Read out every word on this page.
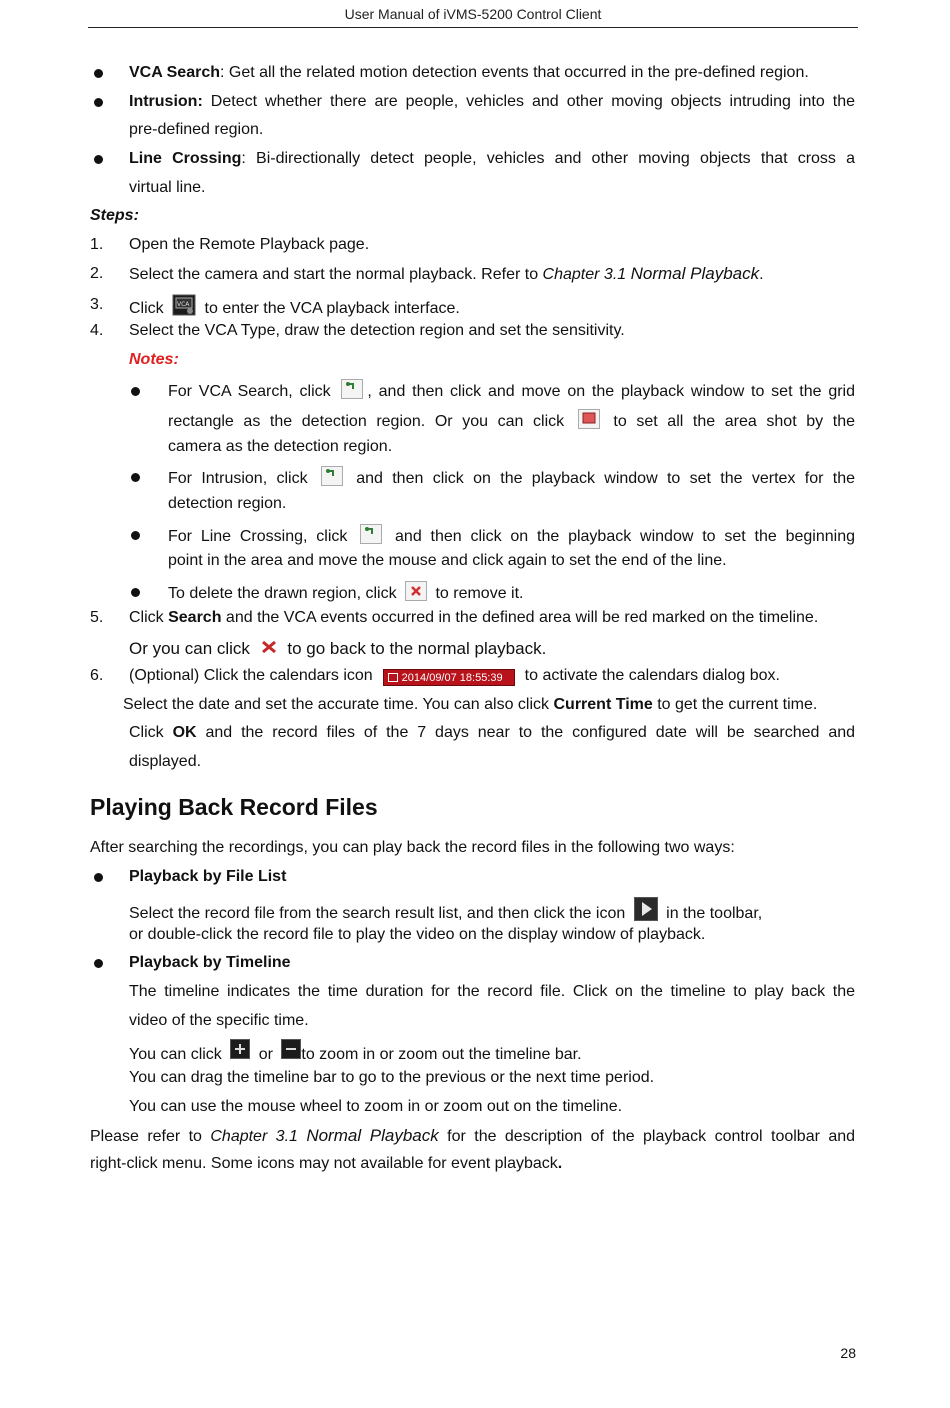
User Manual of iVMS-5200 Control Client
VCA Search: Get all the related motion detection events that occurred in the pre-defined region.
Intrusion: Detect whether there are people, vehicles and other moving objects intruding into the
pre-defined region.
Line Crossing: Bi-directionally detect people, vehicles and other moving objects that cross a
virtual line.
Steps:
1. Open the Remote Playback page.
2. Select the camera and start the normal playback. Refer to Chapter 3.1 Normal Playback.
3. Click VCA to enter the VCA playback interface.
4. Select the VCA Type, draw the detection region and set the sensitivity.
Notes:
For VCA Search, click
, and then click and move on the playback window to set the grid
rectangle as the detection region. Or you can click
to set all the area shot by the
camera as the detection region.
For Intrusion, click
and then click on the playback window to set the vertex for the
detection region.
For Line Crossing, click
and then click on the playback window to set the beginning
point in the area and move the mouse and click again to set the end of the line.
To delete the drawn region, click
to remove it.
5. Click Search and the VCA events occurred in the defined area will be red marked on the timeline.
Or you can click
to go back to the normal playback.
6. (Optional) Click the calendars icon	2014/09/07 18:55:39 to activate the calendars dialog box.
Select the date and set the accurate time. You can also click Current Time to get the current time.
Click OK and the record files of the 7 days near to the configured date will be searched and
displayed.
Playing Back Record Files
After searching the recordings, you can play back the record files in the following two ways:
Playback by File List
Select the record file from the search result list, and then click the icon
in the toolbar,
or double-click the record file to play the video on the display window of playback.
Playback by Timeline
The timeline indicates the time duration for the record file. Click on the timeline to play back the
video of the specific time.
You can click
or
to zoom in or zoom out the timeline bar.
You can drag the timeline bar to go to the previous or the next time period.
You can use the mouse wheel to zoom in or zoom out on the timeline.
Please refer to Chapter 3.1 Normal Playback for the description of the playback control toolbar and
right-click menu. Some icons may not available for event playback.
28
